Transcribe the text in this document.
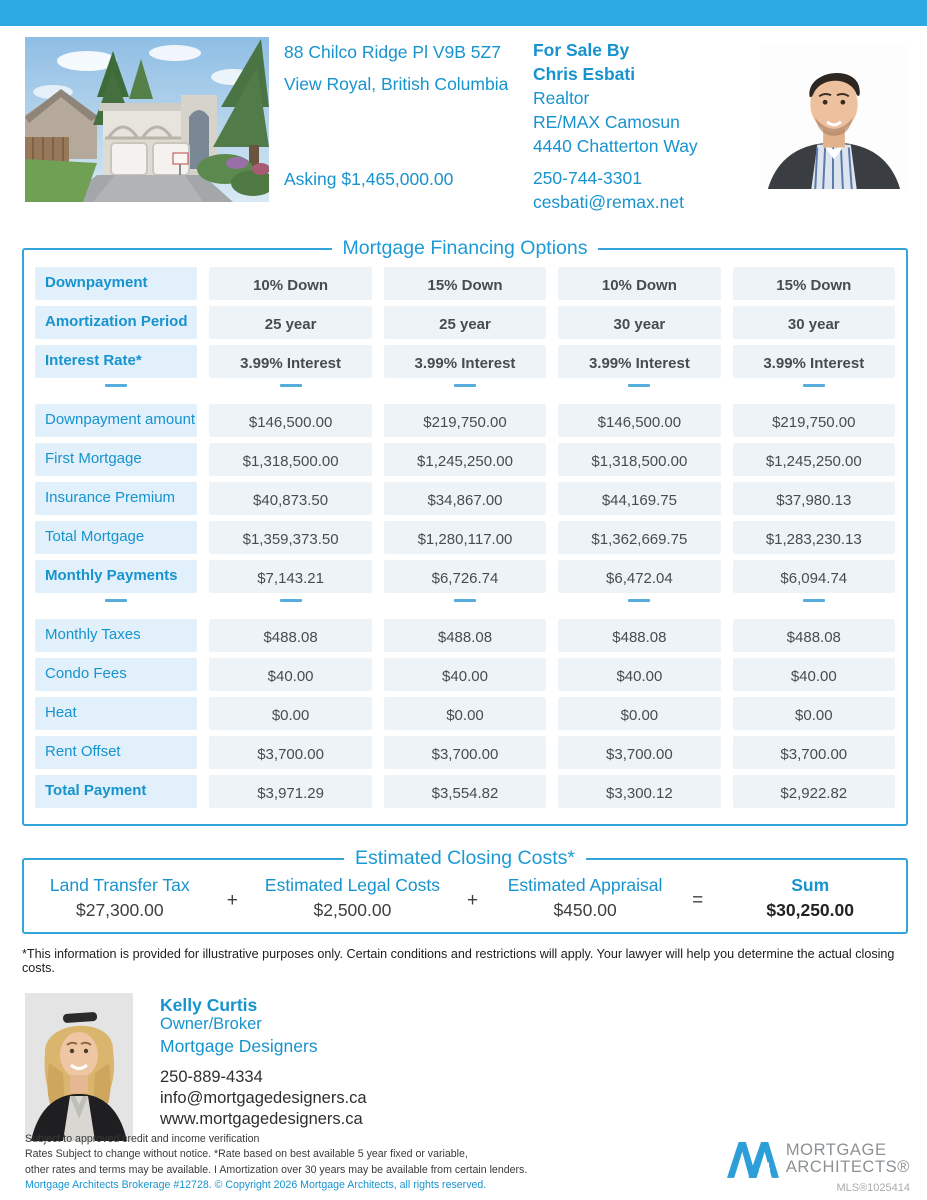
88 Chilco Ridge Pl V9B 5Z7
View Royal, British Columbia
Asking $1,465,000.00
For Sale By
Chris Esbati
Realtor
RE/MAX Camosun
4440 Chatterton Way
250-744-3301
cesbati@remax.net
Mortgage Financing Options
Downpayment	10% Down	15% Down	10% Down	15% Down
Amortization Period	25 year	25 year	30 year	30 year
Interest Rate*	3.99% Interest	3.99% Interest	3.99% Interest	3.99% Interest
Downpayment amount	$146,500.00	$219,750.00	$146,500.00	$219,750.00
First Mortgage	$1,318,500.00	$1,245,250.00	$1,318,500.00	$1,245,250.00
Insurance Premium	$40,873.50	$34,867.00	$44,169.75	$37,980.13
Total Mortgage	$1,359,373.50	$1,280,117.00	$1,362,669.75	$1,283,230.13
Monthly Payments	$7,143.21	$6,726.74	$6,472.04	$6,094.74
Monthly Taxes	$488.08	$488.08	$488.08	$488.08
Condo Fees	$40.00	$40.00	$40.00	$40.00
Heat	$0.00	$0.00	$0.00	$0.00
Rent Offset	$3,700.00	$3,700.00	$3,700.00	$3,700.00
Total Payment	$3,971.29	$3,554.82	$3,300.12	$2,922.82
Estimated Closing Costs*
Land Transfer Tax
$27,300.00	+
Estimated Legal Costs
$2,500.00	+
Estimated Appraisal
$450.00	=
Sum
$30,250.00

*This information is provided for illustrative purposes only. Certain conditions and restrictions will apply. Your lawyer will help you determine the actual closing costs.

Kelly Curtis
Owner/Broker
Mortgage Designers
250-889-4334
info@mortgagedesigners.ca
www.mortgagedesigners.ca
Subject to approved credit and income verification
Rates Subject to change without notice. *Rate based on best available 5 year fixed or variable,
other rates and terms may be available. I Amortization over 30 years may be available from certain lenders.
Mortgage Architects Brokerage #12728. © Copyright 2026 Mortgage Architects, all rights reserved.
MORTGAGE
ARCHITECTS®
MLS®1025414
